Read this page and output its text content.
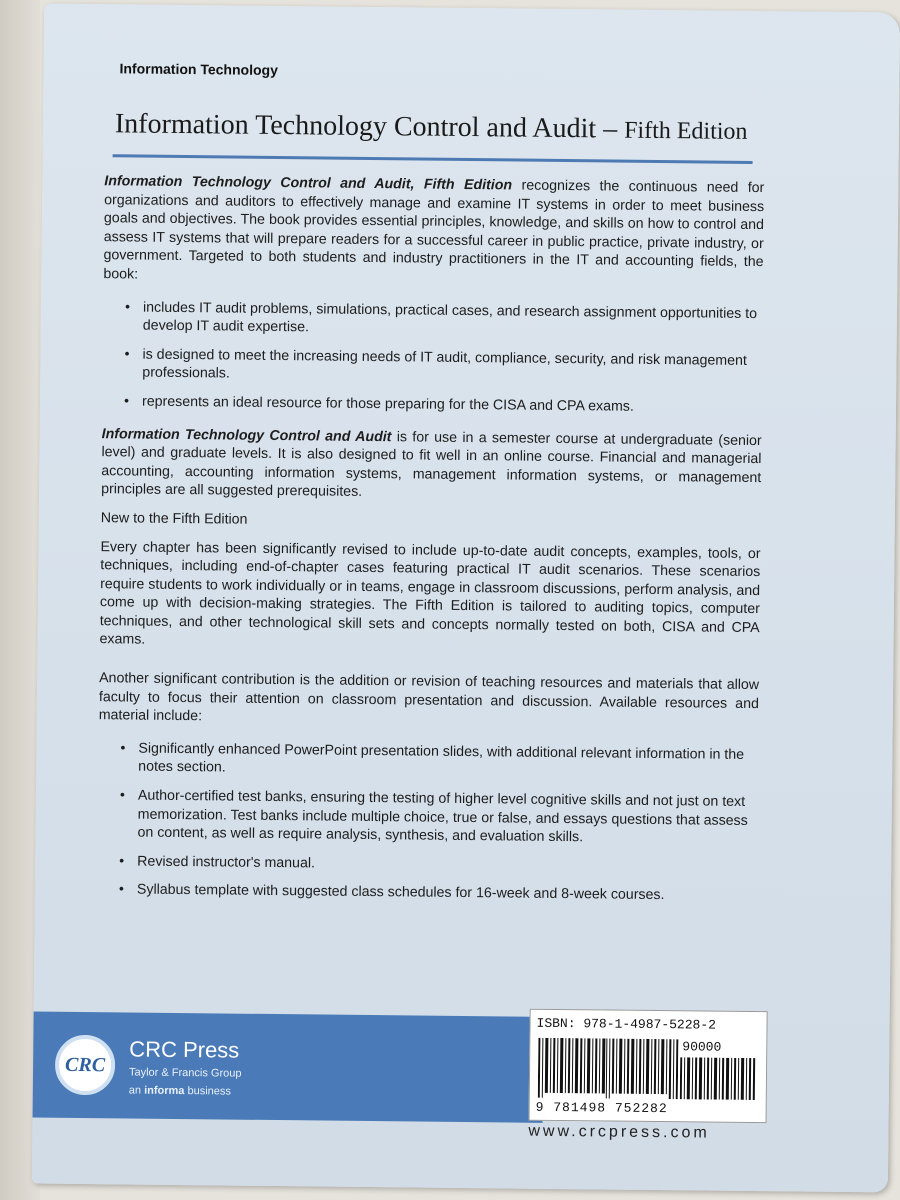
Information Technology
Information Technology Control and Audit – Fifth Edition

Information Technology Control and Audit, Fifth Edition recognizes the continuous need for organizations and auditors to effectively manage and examine IT systems in order to meet business goals and objectives. The book provides essential principles, knowledge, and skills on how to control and assess IT systems that will prepare readers for a successful career in public practice, private industry, or government. Targeted to both students and industry practitioners in the IT and accounting fields, the book:

• includes IT audit problems, simulations, practical cases, and research assignment opportunities to develop IT audit expertise.
• is designed to meet the increasing needs of IT audit, compliance, security, and risk management professionals.
• represents an ideal resource for those preparing for the CISA and CPA exams.

Information Technology Control and Audit is for use in a semester course at undergraduate (senior level) and graduate levels. It is also designed to fit well in an online course. Financial and managerial accounting, accounting information systems, management information systems, or management principles are all suggested prerequisites.

New to the Fifth Edition

Every chapter has been significantly revised to include up-to-date audit concepts, examples, tools, or techniques, including end-of-chapter cases featuring practical IT audit scenarios. These scenarios require students to work individually or in teams, engage in classroom discussions, perform analysis, and come up with decision-making strategies. The Fifth Edition is tailored to auditing topics, computer techniques, and other technological skill sets and concepts normally tested on both, CISA and CPA exams.

Another significant contribution is the addition or revision of teaching resources and materials that allow faculty to focus their attention on classroom presentation and discussion. Available resources and material include:

• Significantly enhanced PowerPoint presentation slides, with additional relevant information in the notes section.
• Author-certified test banks, ensuring the testing of higher level cognitive skills and not just on text memorization. Test banks include multiple choice, true or false, and essays questions that assess on content, as well as require analysis, synthesis, and evaluation skills.
• Revised instructor's manual.
• Syllabus template with suggested class schedules for 16-week and 8-week courses.
CRC
CRC Press
Taylor & Francis Group
an informa business
ISBN: 978-1-4987-5228-2
90000
9 781498 752282
www.crcpress.com
